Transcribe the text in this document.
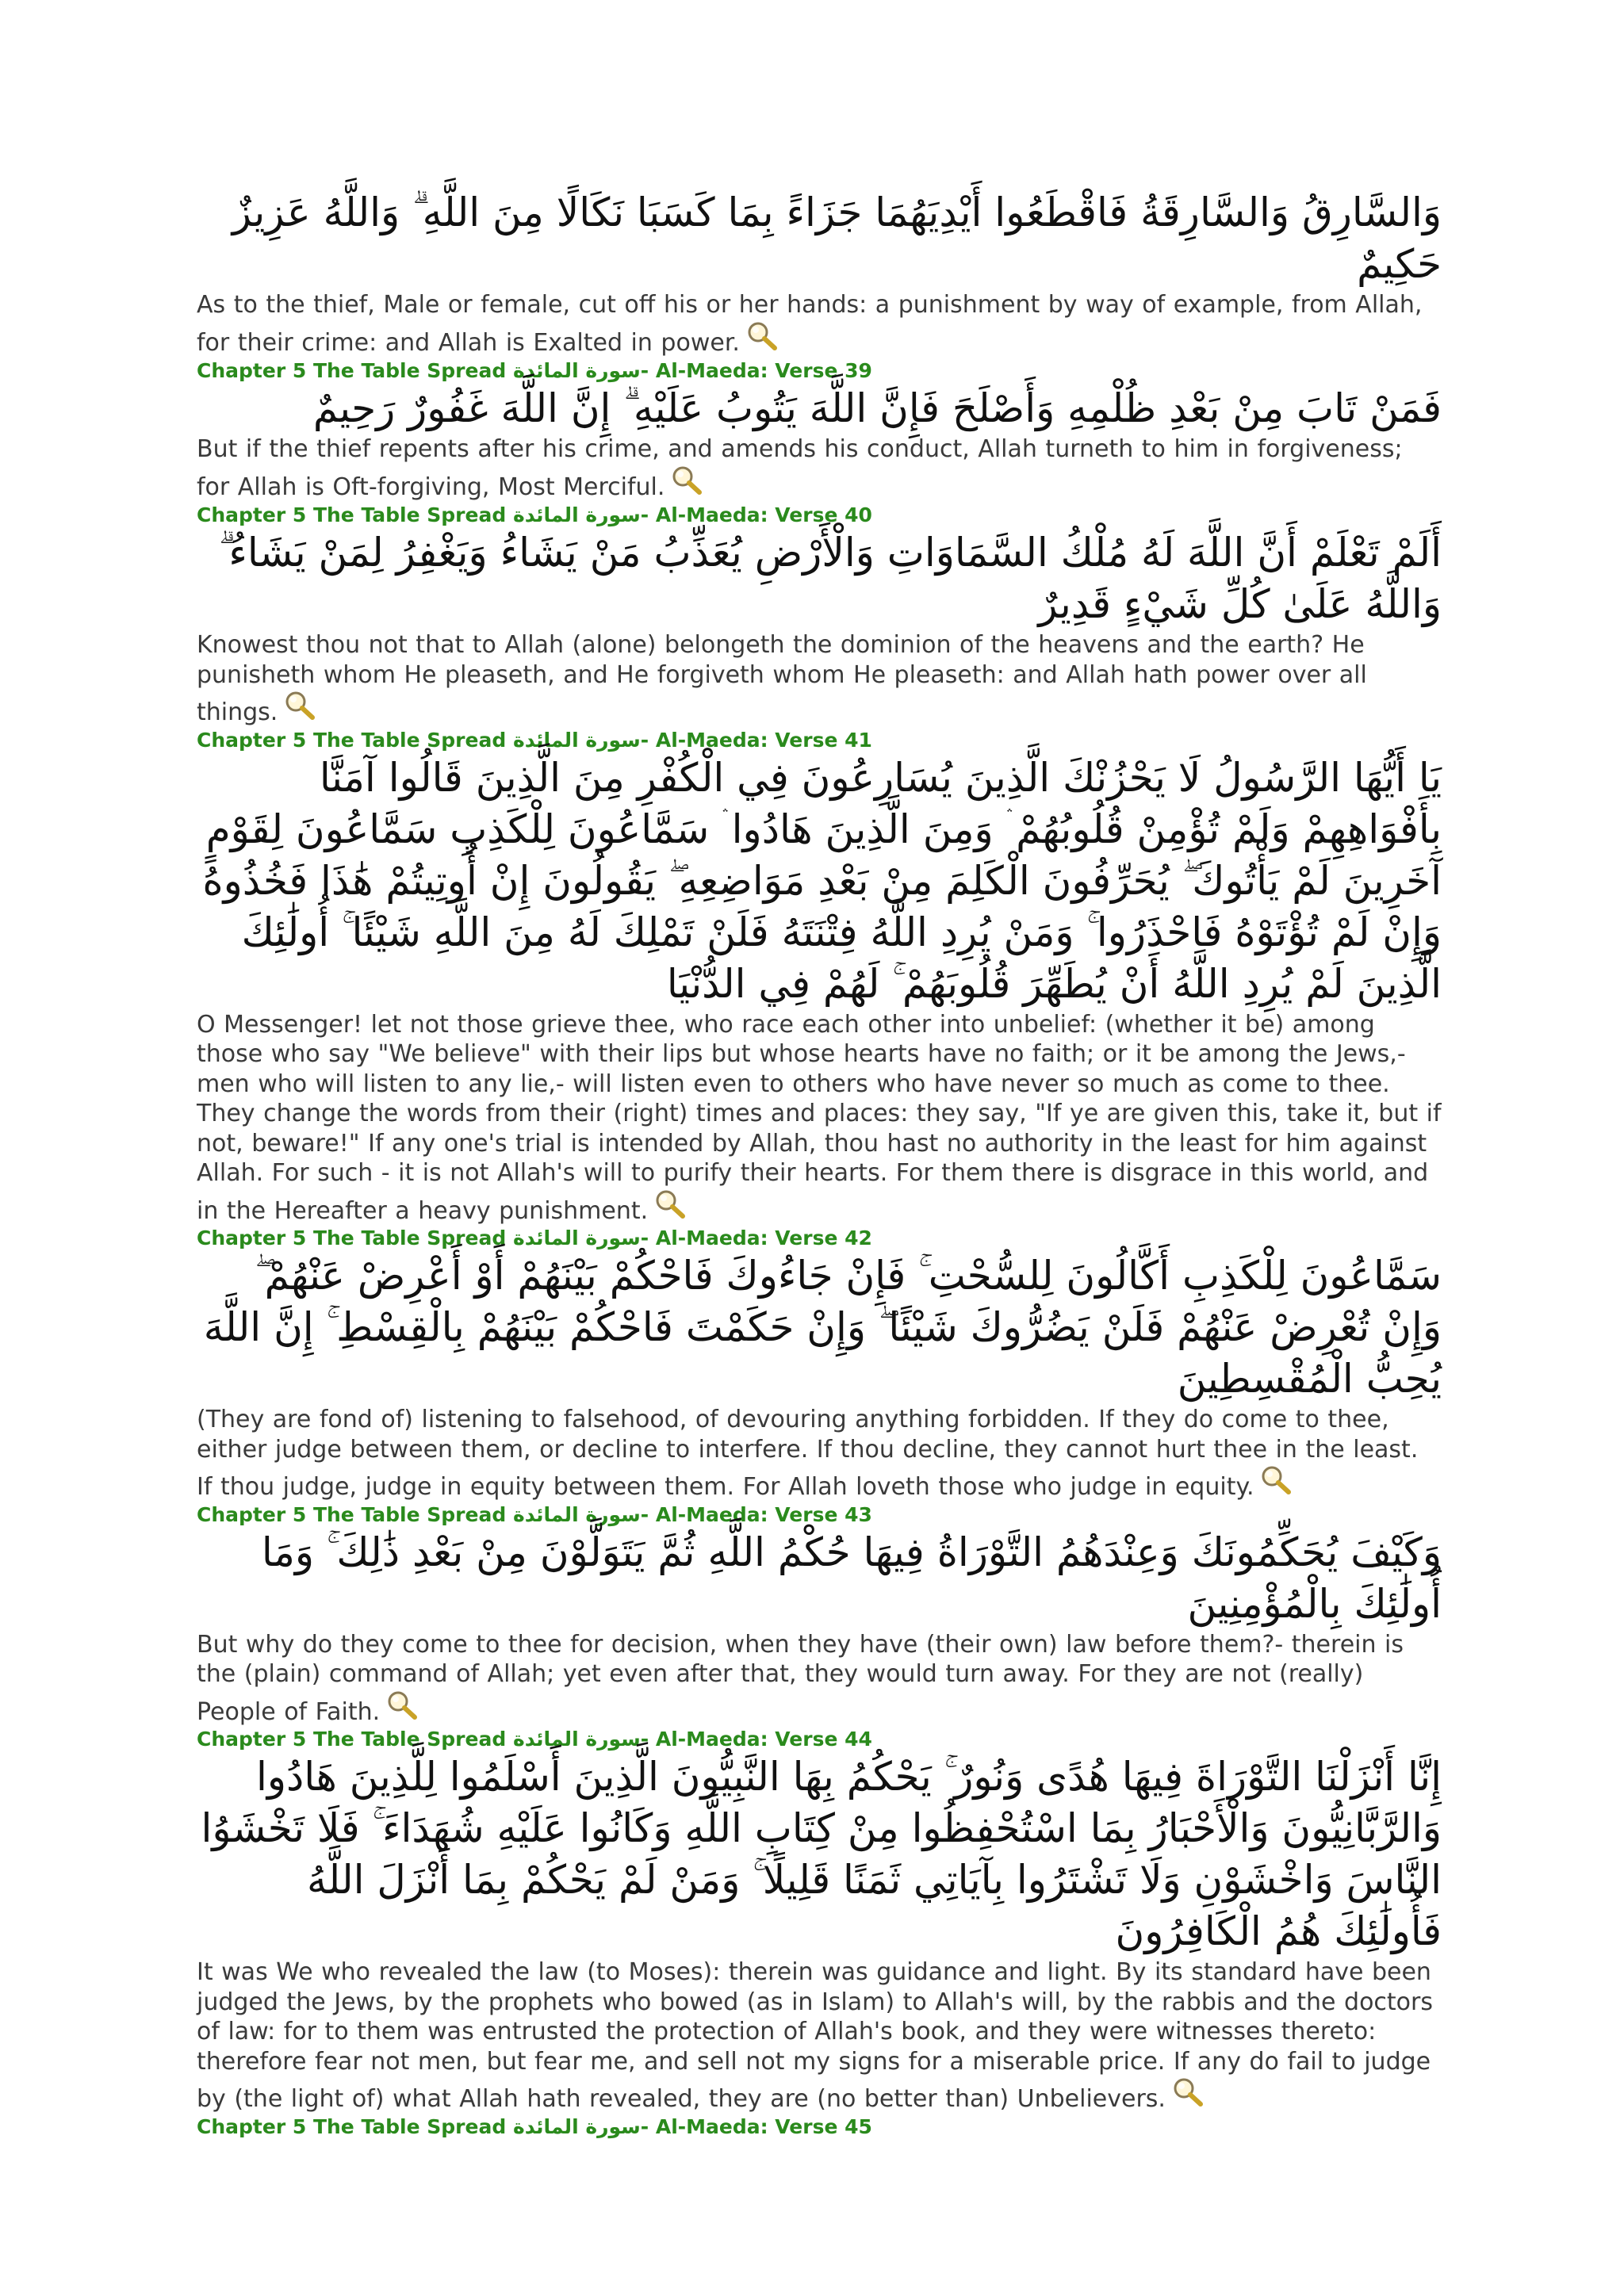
وَالسَّارِقُ وَالسَّارِقَةُ فَاقْطَعُوا أَيْدِيَهُمَا جَزَاءً بِمَا كَسَبَا نَكَالًا مِنَ اللَّهِ ۗ وَاللَّهُ عَزِيزٌ حَكِيمٌ

As to the thief, Male or female, cut off his or her hands: a punishment by way of example, from Allah, for their crime: and Allah is Exalted in power.

Chapter 5 The Table Spread سورة المائدة- Al-Maeda: Verse 39

فَمَنْ تَابَ مِنْ بَعْدِ ظُلْمِهِ وَأَصْلَحَ فَإِنَّ اللَّهَ يَتُوبُ عَلَيْهِ ۗ إِنَّ اللَّهَ غَفُورٌ رَحِيمٌ

But if the thief repents after his crime, and amends his conduct, Allah turneth to him in forgiveness; for Allah is Oft-forgiving, Most Merciful.

Chapter 5 The Table Spread سورة المائدة- Al-Maeda: Verse 40

أَلَمْ تَعْلَمْ أَنَّ اللَّهَ لَهُ مُلْكُ السَّمَاوَاتِ وَالْأَرْضِ يُعَذِّبُ مَنْ يَشَاءُ وَيَغْفِرُ لِمَنْ يَشَاءُ ۗ وَاللَّهُ عَلَىٰ كُلِّ شَيْءٍ قَدِيرٌ

Knowest thou not that to Allah (alone) belongeth the dominion of the heavens and the earth? He punisheth whom He pleaseth, and He forgiveth whom He pleaseth: and Allah hath power over all things.

Chapter 5 The Table Spread سورة المائدة- Al-Maeda: Verse 41

يَا أَيُّهَا الرَّسُولُ لَا يَحْزُنْكَ الَّذِينَ يُسَارِعُونَ فِي الْكُفْرِ مِنَ الَّذِينَ قَالُوا آمَنَّا بِأَفْوَاهِهِمْ وَلَمْ تُؤْمِنْ قُلُوبُهُمْ ۛ وَمِنَ الَّذِينَ هَادُوا ۛ سَمَّاعُونَ لِلْكَذِبِ سَمَّاعُونَ لِقَوْمٍ آخَرِينَ لَمْ يَأْتُوكَ ۖ يُحَرِّفُونَ الْكَلِمَ مِنْ بَعْدِ مَوَاضِعِهِ ۖ يَقُولُونَ إِنْ أُوتِيتُمْ هَٰذَا فَخُذُوهُ وَإِنْ لَمْ تُؤْتَوْهُ فَاحْذَرُوا ۚ وَمَنْ يُرِدِ اللَّهُ فِتْنَتَهُ فَلَنْ تَمْلِكَ لَهُ مِنَ اللَّهِ شَيْئًا ۚ أُولَٰئِكَ الَّذِينَ لَمْ يُرِدِ اللَّهُ أَنْ يُطَهِّرَ قُلُوبَهُمْ ۚ لَهُمْ فِي الدُّنْيَا

O Messenger! let not those grieve thee, who race each other into unbelief: (whether it be) among those who say "We believe" with their lips but whose hearts have no faith; or it be among the Jews,- men who will listen to any lie,- will listen even to others who have never so much as come to thee. They change the words from their (right) times and places: they say, "If ye are given this, take it, but if not, beware!" If any one's trial is intended by Allah, thou hast no authority in the least for him against Allah. For such - it is not Allah's will to purify their hearts. For them there is disgrace in this world, and in the Hereafter a heavy punishment.

Chapter 5 The Table Spread سورة المائدة- Al-Maeda: Verse 42

سَمَّاعُونَ لِلْكَذِبِ أَكَّالُونَ لِلسُّحْتِ ۚ فَإِنْ جَاءُوكَ فَاحْكُمْ بَيْنَهُمْ أَوْ أَعْرِضْ عَنْهُمْ ۖ وَإِنْ تُعْرِضْ عَنْهُمْ فَلَنْ يَضُرُّوكَ شَيْئًا ۖ وَإِنْ حَكَمْتَ فَاحْكُمْ بَيْنَهُمْ بِالْقِسْطِ ۚ إِنَّ اللَّهَ يُحِبُّ الْمُقْسِطِينَ

(They are fond of) listening to falsehood, of devouring anything forbidden. If they do come to thee, either judge between them, or decline to interfere. If thou decline, they cannot hurt thee in the least. If thou judge, judge in equity between them. For Allah loveth those who judge in equity.

Chapter 5 The Table Spread سورة المائدة- Al-Maeda: Verse 43

وَكَيْفَ يُحَكِّمُونَكَ وَعِنْدَهُمُ التَّوْرَاةُ فِيهَا حُكْمُ اللَّهِ ثُمَّ يَتَوَلَّوْنَ مِنْ بَعْدِ ذَٰلِكَ ۚ وَمَا أُولَٰئِكَ بِالْمُؤْمِنِينَ

But why do they come to thee for decision, when they have (their own) law before them?- therein is the (plain) command of Allah; yet even after that, they would turn away. For they are not (really) People of Faith.

Chapter 5 The Table Spread سورة المائدة- Al-Maeda: Verse 44

إِنَّا أَنْزَلْنَا التَّوْرَاةَ فِيهَا هُدًى وَنُورٌ ۚ يَحْكُمُ بِهَا النَّبِيُّونَ الَّذِينَ أَسْلَمُوا لِلَّذِينَ هَادُوا وَالرَّبَّانِيُّونَ وَالْأَحْبَارُ بِمَا اسْتُحْفِظُوا مِنْ كِتَابِ اللَّهِ وَكَانُوا عَلَيْهِ شُهَدَاءَ ۚ فَلَا تَخْشَوُا النَّاسَ وَاخْشَوْنِ وَلَا تَشْتَرُوا بِآيَاتِي ثَمَنًا قَلِيلًا ۚ وَمَنْ لَمْ يَحْكُمْ بِمَا أَنْزَلَ اللَّهُ فَأُولَٰئِكَ هُمُ الْكَافِرُونَ

It was We who revealed the law (to Moses): therein was guidance and light. By its standard have been judged the Jews, by the prophets who bowed (as in Islam) to Allah's will, by the rabbis and the doctors of law: for to them was entrusted the protection of Allah's book, and they were witnesses thereto: therefore fear not men, but fear me, and sell not my signs for a miserable price. If any do fail to judge by (the light of) what Allah hath revealed, they are (no better than) Unbelievers.

Chapter 5 The Table Spread سورة المائدة- Al-Maeda: Verse 45
